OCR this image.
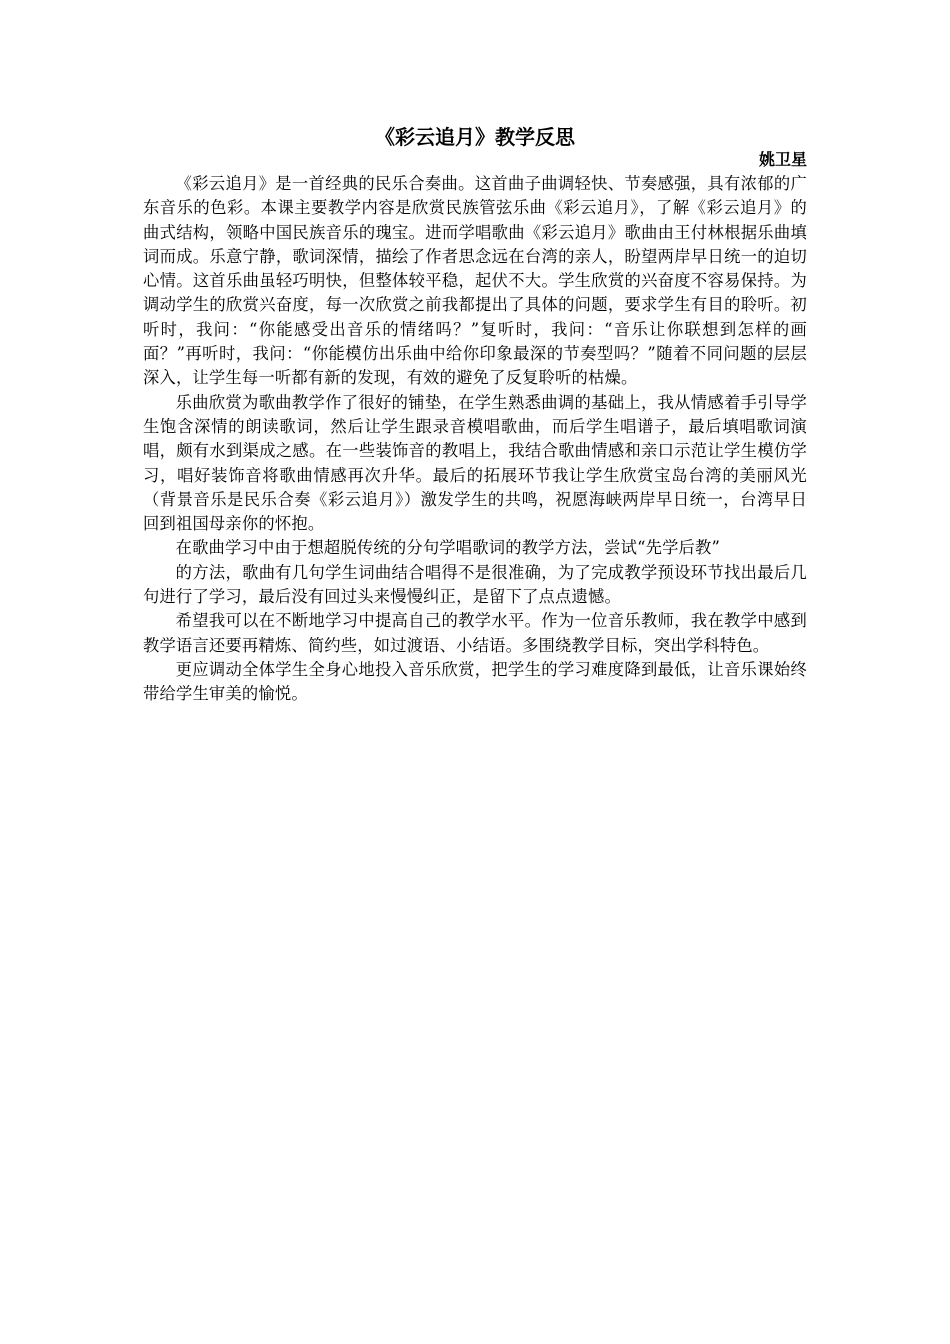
《彩云追月》教学反思
姚卫星

《彩云追月》是一首经典的民乐合奏曲。这首曲子曲调轻快、节奏感强，具有浓郁的广东音乐的色彩。本课主要教学内容是欣赏民族管弦乐曲《彩云追月》，了解《彩云追月》的曲式结构，领略中国民族音乐的瑰宝。进而学唱歌曲《彩云追月》歌曲由王付林根据乐曲填词而成。乐意宁静，歌词深情，描绘了作者思念远在台湾的亲人，盼望两岸早日统一的迫切心情。这首乐曲虽轻巧明快，但整体较平稳，起伏不大。学生欣赏的兴奋度不容易保持。为调动学生的欣赏兴奋度，每一次欣赏之前我都提出了具体的问题，要求学生有目的聆听。初听时，我问：“你能感受出音乐的情绪吗？”复听时，我问：“音乐让你联想到怎样的画面？”再听时，我问：“你能模仿出乐曲中给你印象最深的节奏型吗？”随着不同问题的层层深入，让学生每一听都有新的发现，有效的避免了反复聆听的枯燥。

乐曲欣赏为歌曲教学作了很好的铺垫，在学生熟悉曲调的基础上，我从情感着手引导学生饱含深情的朗读歌词，然后让学生跟录音模唱歌曲，而后学生唱谱子，最后填唱歌词演唱，颇有水到渠成之感。在一些装饰音的教唱上，我结合歌曲情感和亲口示范让学生模仿学习，唱好装饰音将歌曲情感再次升华。最后的拓展环节我让学生欣赏宝岛台湾的美丽风光（背景音乐是民乐合奏《彩云追月》）激发学生的共鸣，祝愿海峡两岸早日统一，台湾早日回到祖国母亲你的怀抱。

在歌曲学习中由于想超脱传统的分句学唱歌词的教学方法，尝试“先学后教”

的方法，歌曲有几句学生词曲结合唱得不是很准确，为了完成教学预设环节找出最后几句进行了学习，最后没有回过头来慢慢纠正，是留下了点点遗憾。

希望我可以在不断地学习中提高自己的教学水平。作为一位音乐教师，我在教学中感到教学语言还要再精炼、简约些，如过渡语、小结语。多围绕教学目标，突出学科特色。

更应调动全体学生全身心地投入音乐欣赏，把学生的学习难度降到最低，让音乐课始终带给学生审美的愉悦。
